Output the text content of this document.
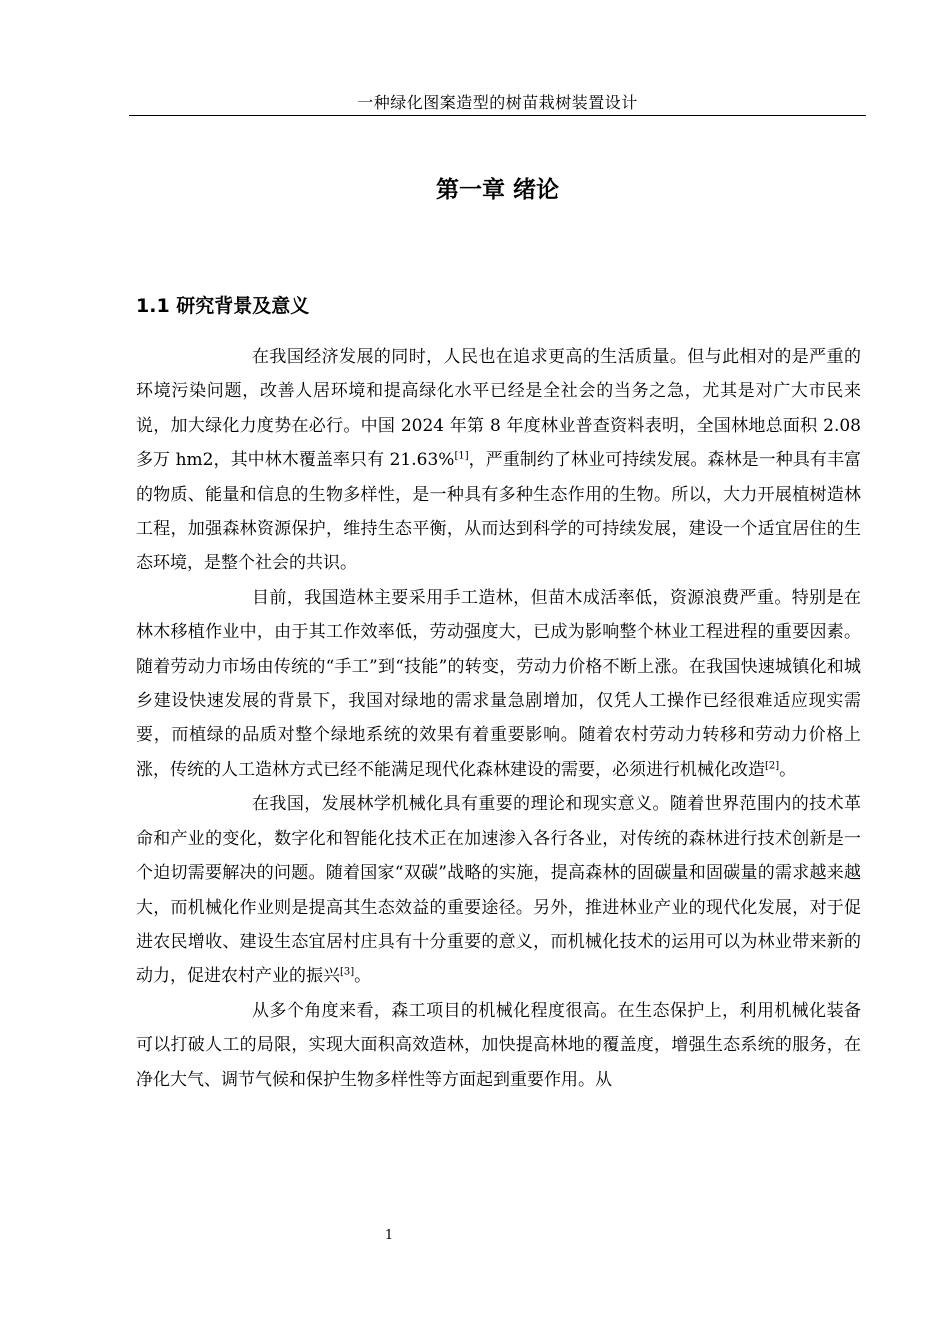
一种绿化图案造型的树苗栽树装置设计
第一章 绪论
1.1 研究背景及意义

在我国经济发展的同时，人民也在追求更高的生活质量。但与此相对的是严重的环境污染问题，改善人居环境和提高绿化水平已经是全社会的当务之急，尤其是对广大市民来说，加大绿化力度势在必行。中国 2024 年第 8 年度林业普查资料表明，全国林地总面积 2.08 多万 hm2，其中林木覆盖率只有 21.63%[1]，严重制约了林业可持续发展。森林是一种具有丰富的物质、能量和信息的生物多样性，是一种具有多种生态作用的生物。所以，大力开展植树造林工程，加强森林资源保护，维持生态平衡，从而达到科学的可持续发展，建设一个适宜居住的生态环境，是整个社会的共识。

目前，我国造林主要采用手工造林，但苗木成活率低，资源浪费严重。特别是在林木移植作业中，由于其工作效率低，劳动强度大，已成为影响整个林业工程进程的重要因素。随着劳动力市场由传统的“手工”到“技能”的转变，劳动力价格不断上涨。在我国快速城镇化和城乡建设快速发展的背景下，我国对绿地的需求量急剧增加，仅凭人工操作已经很难适应现实需要，而植绿的品质对整个绿地系统的效果有着重要影响。随着农村劳动力转移和劳动力价格上涨，传统的人工造林方式已经不能满足现代化森林建设的需要，必须进行机械化改造[2]。

在我国，发展林学机械化具有重要的理论和现实意义。随着世界范围内的技术革命和产业的变化，数字化和智能化技术正在加速渗入各行各业，对传统的森林进行技术创新是一个迫切需要解决的问题。随着国家“双碳”战略的实施，提高森林的固碳量和固碳量的需求越来越大，而机械化作业则是提高其生态效益的重要途径。另外，推进林业产业的现代化发展，对于促进农民增收、建设生态宜居村庄具有十分重要的意义，而机械化技术的运用可以为林业带来新的动力，促进农村产业的振兴[3]。

从多个角度来看，森工项目的机械化程度很高。在生态保护上，利用机械化装备可以打破人工的局限，实现大面积高效造林，加快提高林地的覆盖度，增强生态系统的服务，在净化大气、调节气候和保护生物多样性等方面起到重要作用。从

1
